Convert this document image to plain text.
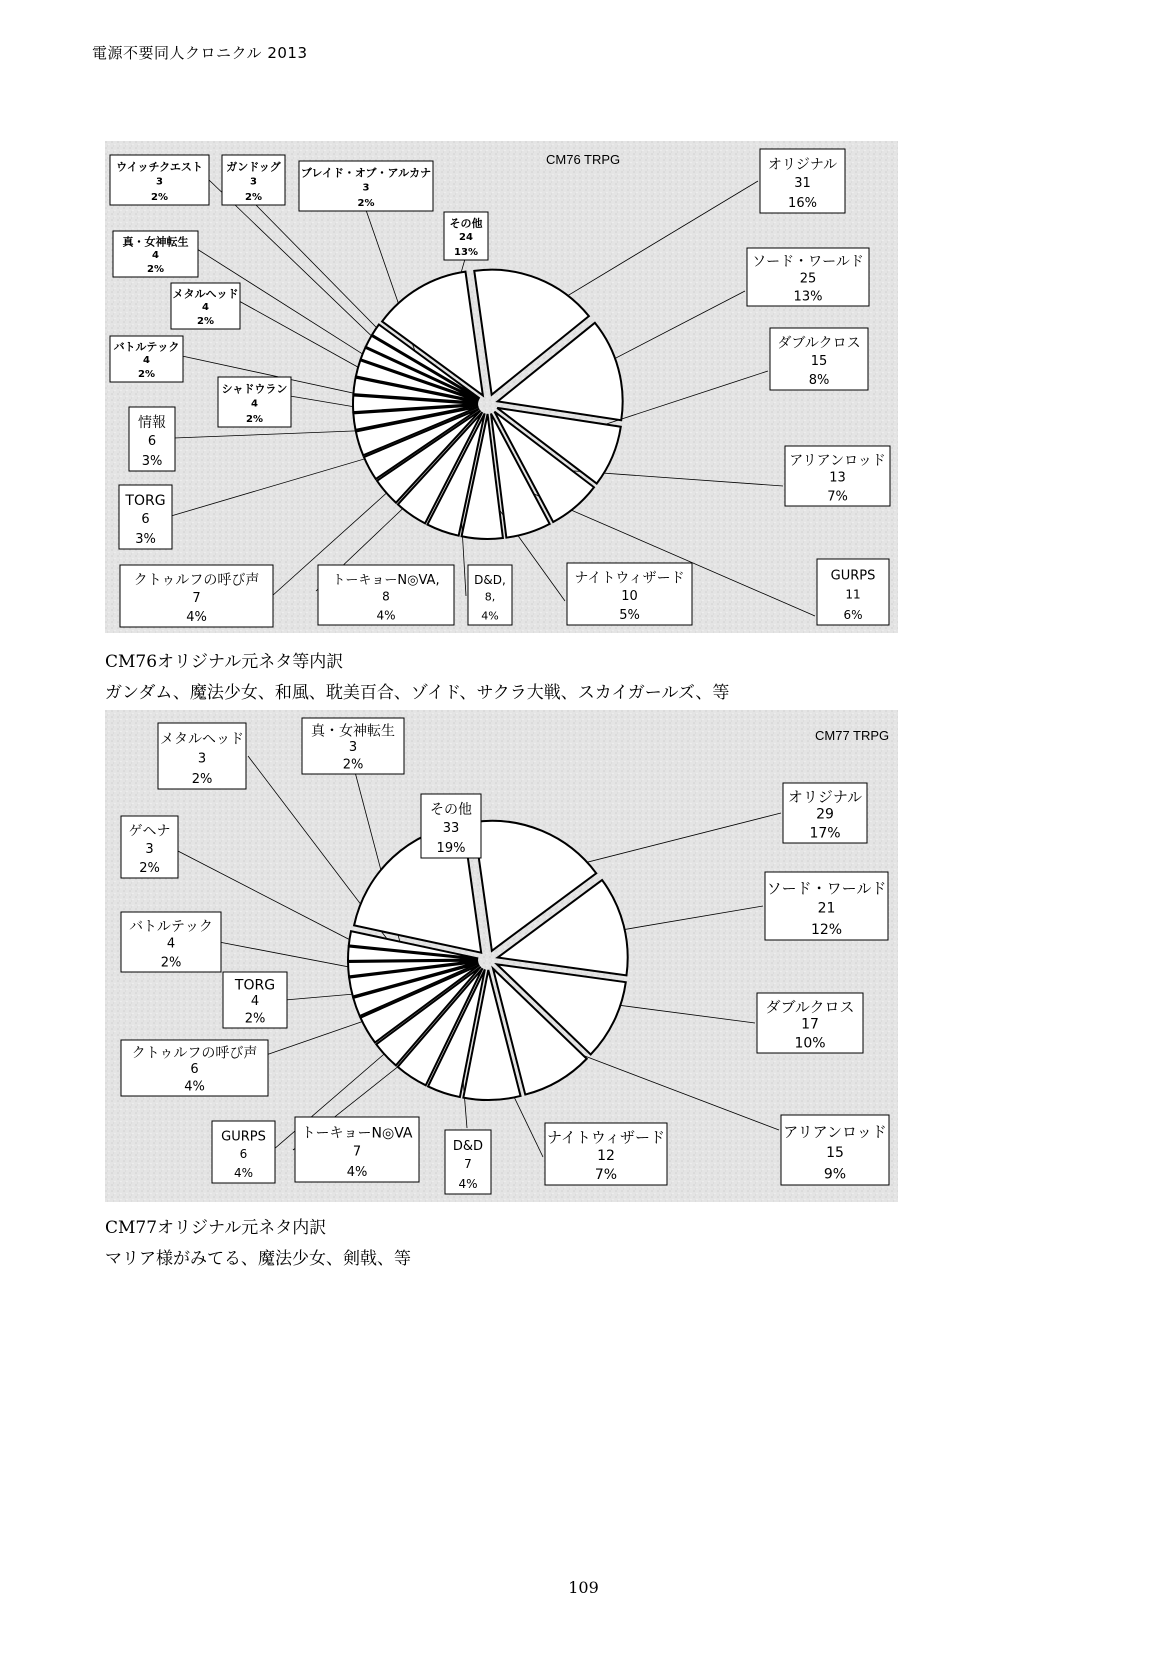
電源不要同人クロニクル 2013
CM76 TRPG	オリジナル
31
16%
ソード・ワールド
25
13%
ダブルクロス
15
8%
アリアンロッド
13
7%
GURPS
11
6%
ナイトウィザード
10
5%
D&D,
8,
4%
トーキョーN◎VA,
8
4%
クトゥルフの呼び声
7
4%
TORG
6
3%
情報
6
3%
シャドウラン
4
2%
バトルテック
4
2%
メタルヘッド
4
2%
真・女神転生
4
2%
ウイッチクエスト
3
2%
ガンドッグ
3
2%
ブレイド・オブ・アルカナ
3
2%
その他
24
13%
CM76オリジナル元ネタ等内訳
ガンダム、魔法少女、和風、耽美百合、ゾイド、サクラ大戦、スカイガールズ、等
CM77 TRPG
オリジナル
29
17%
ソード・ワールド
21
12%
ダブルクロス
17
10%
アリアンロッド
15
9%
ナイトウィザード
12
7%
D&D
7
4%
トーキョーN◎VA
7
4%
GURPS
6
4%
クトゥルフの呼び声
6
4%
TORG
4
2%
バトルテック
4
2%
ゲヘナ
3
2%
メタルヘッド
3
2%
真・女神転生
3
2%
その他
33
19%
CM77オリジナル元ネタ内訳
マリア様がみてる、魔法少女、剣戟、等
109
